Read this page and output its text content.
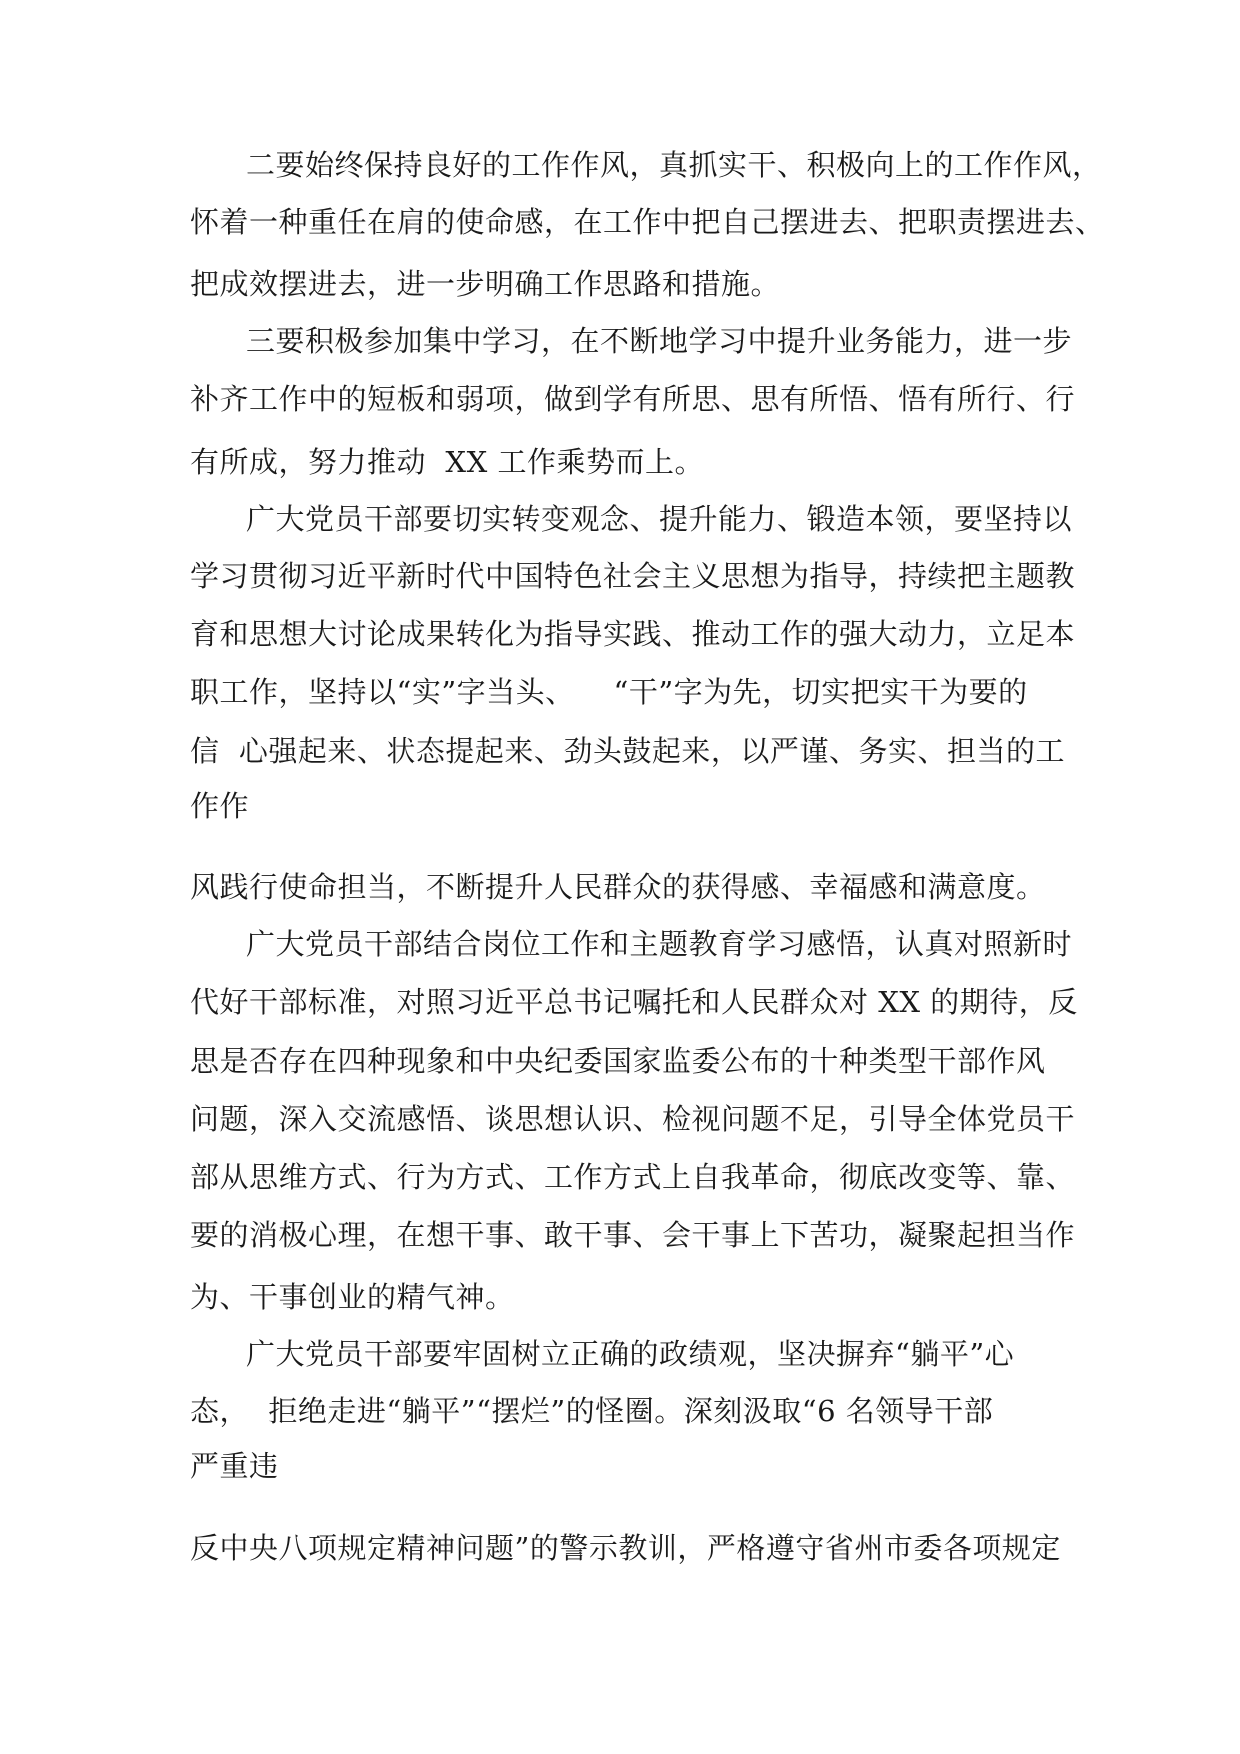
二要始终保持良好的工作作风，真抓实干、积极向上的工作作风，
怀着一种重任在肩的使命感，在工作中把自己摆进去、把职责摆进去、
把成效摆进去，进一步明确工作思路和措施。
三要积极参加集中学习，在不断地学习中提升业务能力，进一步
补齐工作中的短板和弱项，做到学有所思、思有所悟、悟有所行、行
有所成，努力推动  XX 工作乘势而上。
广大党员干部要切实转变观念、提升能力、锻造本领，要坚持以
学习贯彻习近平新时代中国特色社会主义思想为指导，持续把主题教
育和思想大讨论成果转化为指导实践、推动工作的强大动力，立足本
职工作，坚持以“实”字当头、    “干”字为先，切实把实干为要的
信  心强起来、状态提起来、劲头鼓起来，以严谨、务实、担当的工
作作
风践行使命担当，不断提升人民群众的获得感、幸福感和满意度。
广大党员干部结合岗位工作和主题教育学习感悟，认真对照新时
代好干部标准，对照习近平总书记嘱托和人民群众对 XX 的期待，反
思是否存在四种现象和中央纪委国家监委公布的十种类型干部作风
问题，深入交流感悟、谈思想认识、检视问题不足，引导全体党员干
部从思维方式、行为方式、工作方式上自我革命，彻底改变等、靠、
要的消极心理，在想干事、敢干事、会干事上下苦功，凝聚起担当作
为、干事创业的精气神。
广大党员干部要牢固树立正确的政绩观，坚决摒弃“躺平”心
态，  拒绝走进“躺平”“摆烂”的怪圈。深刻汲取“6 名领导干部
严重违
反中央八项规定精神问题”的警示教训，严格遵守省州市委各项规定
